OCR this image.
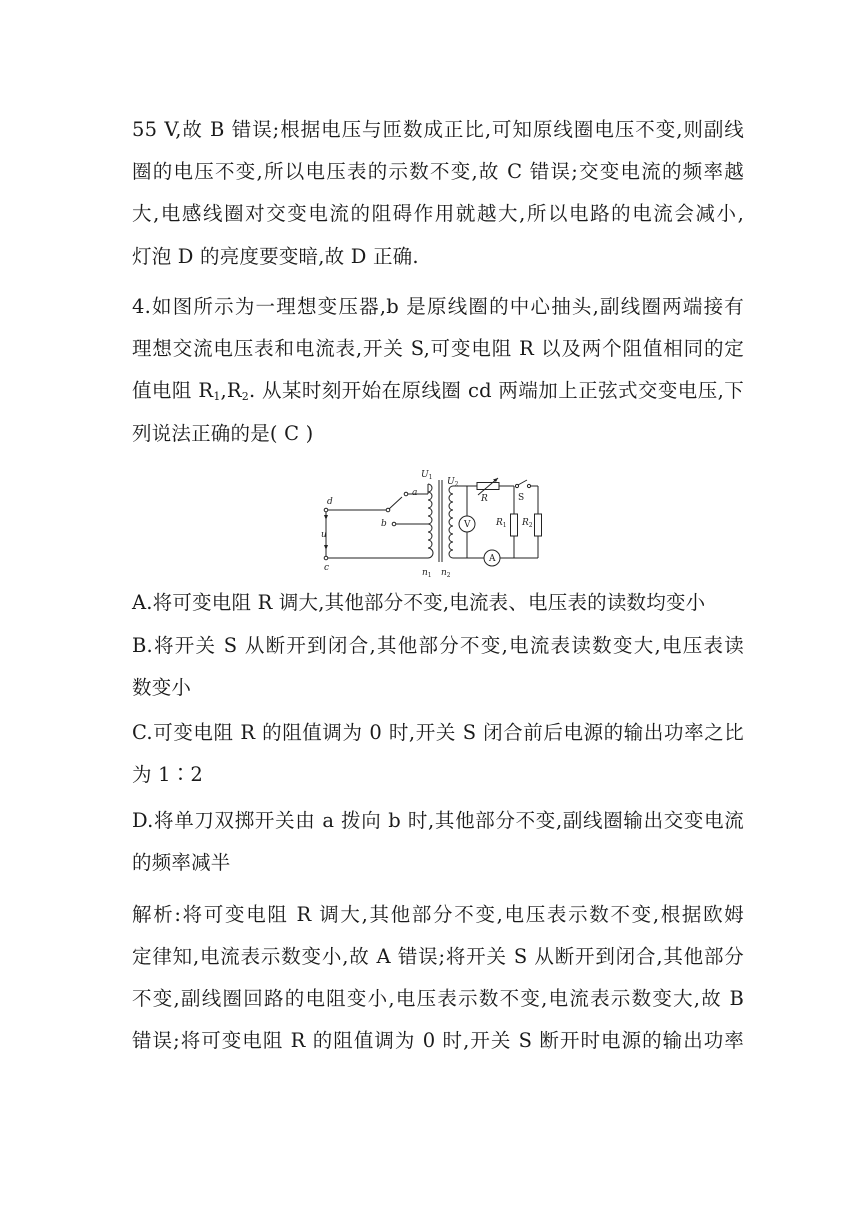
55 V,故 B 错误;根据电压与匝数成正比,可知原线圈电压不变,则副线
圈的电压不变,所以电压表的示数不变,故 C 错误;交变电流的频率越
大,电感线圈对交变电流的阻碍作用就越大,所以电路的电流会减小,
灯泡 D 的亮度要变暗,故 D 正确.
4.如图所示为一理想变压器,b 是原线圈的中心抽头,副线圈两端接有
理想交流电压表和电流表,开关 S,可变电阻 R 以及两个阻值相同的定
值电阻 $R_1,R_2$. 从某时刻开始在原线圈 cd 两端加上正弦式交变电压,下
列说法正确的是( C )
d
c
u
a
b
$U_1$ $U_2$
R	S
V
A
$R_1$ $R_2$
$n_1$ $n_2$
A.将可变电阻 R 调大,其他部分不变,电流表、电压表的读数均变小
B.将开关 S 从断开到闭合,其他部分不变,电流表读数变大,电压表读
数变小
C.可变电阻 R 的阻值调为 0 时,开关 S 闭合前后电源的输出功率之比
为 1∶2
D.将单刀双掷开关由 a 拨向 b 时,其他部分不变,副线圈输出交变电流
的频率减半
解析:将可变电阻 R 调大,其他部分不变,电压表示数不变,根据欧姆
定律知,电流表示数变小,故 A 错误;将开关 S 从断开到闭合,其他部分
不变,副线圈回路的电阻变小,电压表示数不变,电流表示数变大,故 B
错误;将可变电阻 R 的阻值调为 0 时,开关 S 断开时电源的输出功率
